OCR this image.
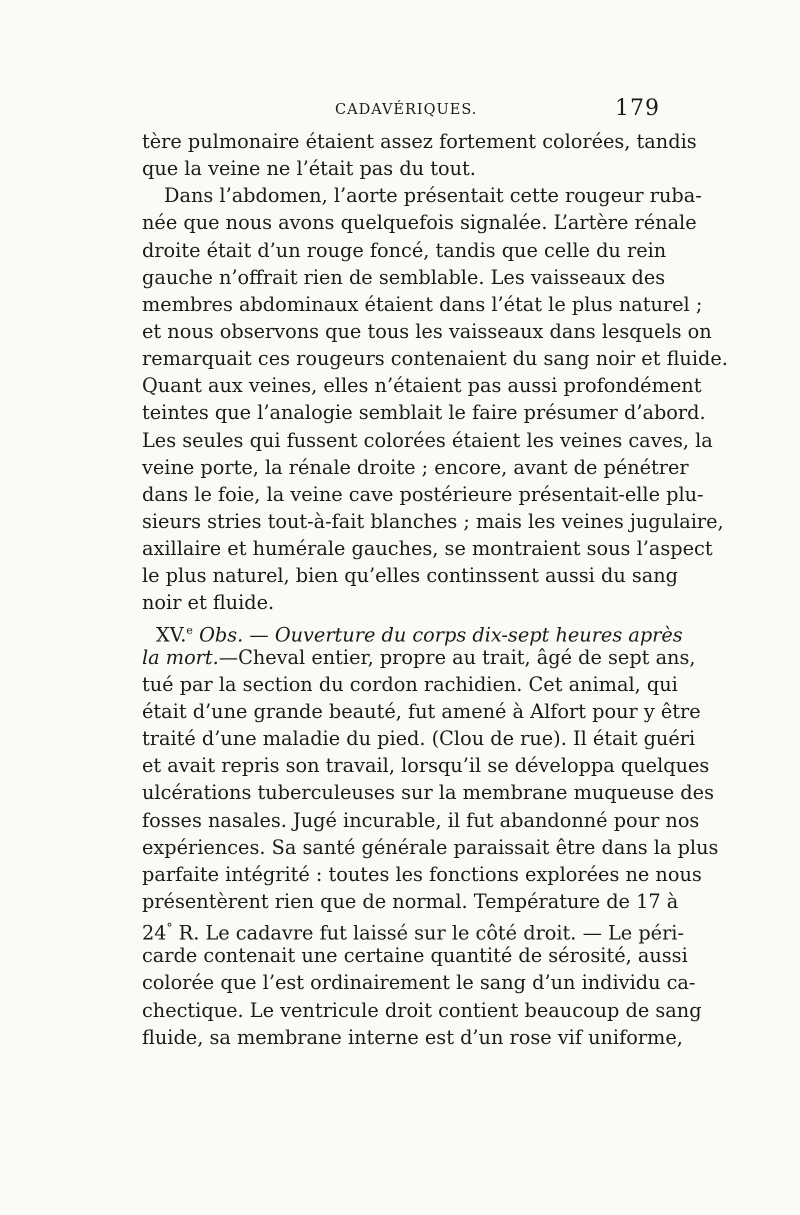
CADAVÉRIQUES.	179
tère pulmonaire étaient assez fortement colorées, tandis
que la veine ne l’était pas du tout.
Dans l’abdomen, l’aorte présentait cette rougeur ruba-
née que nous avons quelquefois signalée. L’artère rénale
droite était d’un rouge foncé, tandis que celle du rein
gauche n’offrait rien de semblable. Les vaisseaux des
membres abdominaux étaient dans l’état le plus naturel ;
et nous observons que tous les vaisseaux dans lesquels on
remarquait ces rougeurs contenaient du sang noir et fluide.
Quant aux veines, elles n’étaient pas aussi profondément
teintes que l’analogie semblait le faire présumer d’abord.
Les seules qui fussent colorées étaient les veines caves, la
veine porte, la rénale droite ; encore, avant de pénétrer
dans le foie, la veine cave postérieure présentait-elle plu-
sieurs stries tout-à-fait blanches ; mais les veines jugulaire,
axillaire et humérale gauches, se montraient sous l’aspect
le plus naturel, bien qu’elles continssent aussi du sang
noir et fluide.
XV.$^e$ Obs. — Ouverture du corps dix-sept heures après
la mort.—Cheval entier, propre au trait, âgé de sept ans,
tué par la section du cordon rachidien. Cet animal, qui
était d’une grande beauté, fut amené à Alfort pour y être
traité d’une maladie du pied. (Clou de rue). Il était guéri
et avait repris son travail, lorsqu’il se développa quelques
ulcérations tuberculeuses sur la membrane muqueuse des
fosses nasales. Jugé incurable, il fut abandonné pour nos
expériences. Sa santé générale paraissait être dans la plus
parfaite intégrité : toutes les fonctions explorées ne nous
présentèrent rien que de normal. Température de 17 à
24° R. Le cadavre fut laissé sur le côté droit. — Le péri-
carde contenait une certaine quantité de sérosité, aussi
colorée que l’est ordinairement le sang d’un individu ca-
chectique. Le ventricule droit contient beaucoup de sang
fluide, sa membrane interne est d’un rose vif uniforme,
